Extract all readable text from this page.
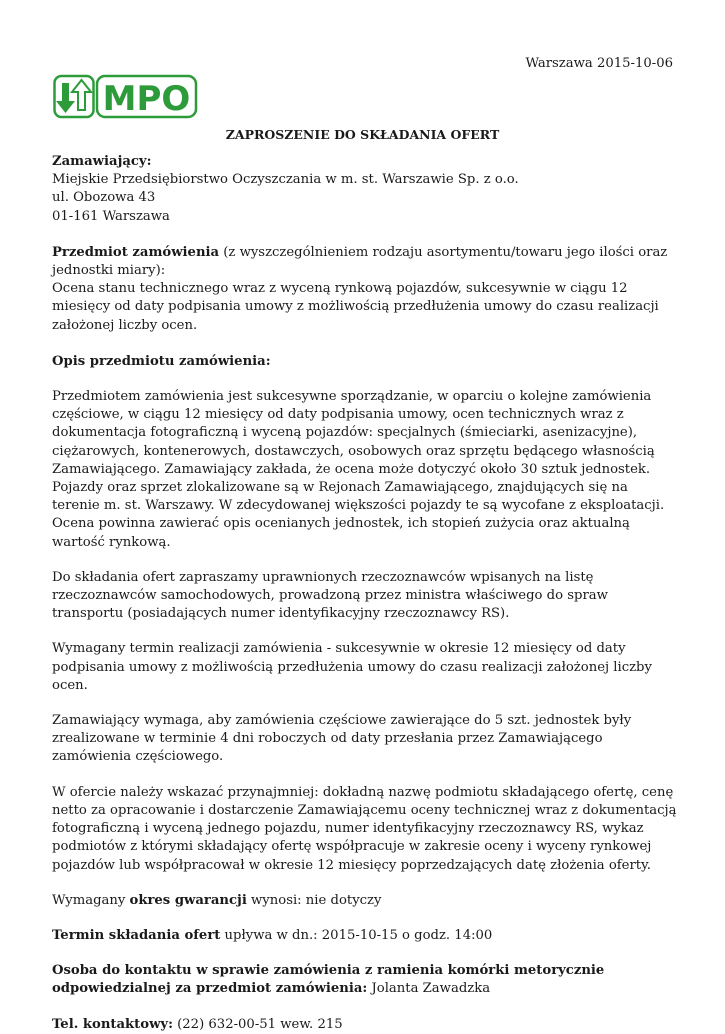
Warszawa 2015-10-06
MPO
ZAPROSZENIE DO SKŁADANIA OFERT

Zamawiający:

Miejskie Przedsiębiorstwo Oczyszczania w m. st. Warszawie Sp. z o.o.

ul. Obozowa 43

01-161 Warszawa

Przedmiot zamówienia (z wyszczególnieniem rodzaju asortymentu/towaru jego ilości oraz jednostki miary):

Ocena stanu technicznego wraz z wyceną rynkową pojazdów, sukcesywnie w ciągu 12 miesięcy od daty podpisania umowy z możliwością przedłużenia umowy do czasu realizacji założonej liczby ocen.

Opis przedmiotu zamówienia:

Przedmiotem zamówienia jest sukcesywne sporządzanie, w oparciu o kolejne zamówienia częściowe, w ciągu 12 miesięcy od daty podpisania umowy, ocen technicznych wraz z dokumentacja fotograficzną i wyceną pojazdów: specjalnych (śmieciarki, asenizacyjne), ciężarowych, kontenerowych, dostawczych, osobowych oraz sprzętu będącego własnością Zamawiającego. Zamawiający zakłada, że ocena może dotyczyć około 30 sztuk jednostek. Pojazdy oraz sprzet zlokalizowane są w Rejonach Zamawiającego, znajdujących się na terenie m. st. Warszawy. W zdecydowanej większości pojazdy te są wycofane z eksploatacji. Ocena powinna zawierać opis ocenianych jednostek, ich stopień zużycia oraz aktualną wartość rynkową.

Do składania ofert zapraszamy uprawnionych rzeczoznawców wpisanych na listę rzeczoznawców samochodowych, prowadzoną przez ministra właściwego do spraw transportu (posiadających numer identyfikacyjny rzeczoznawcy RS).

Wymagany termin realizacji zamówienia - sukcesywnie w okresie 12 miesięcy od daty podpisania umowy z możliwością przedłużenia umowy do czasu realizacji założonej liczby ocen.

Zamawiający wymaga, aby zamówienia częściowe zawierające do 5 szt. jednostek były zrealizowane w terminie 4 dni roboczych od daty przesłania przez Zamawiającego zamówienia częściowego.

W ofercie należy wskazać przynajmniej: dokładną nazwę podmiotu składającego ofertę, cenę netto za opracowanie i dostarczenie Zamawiającemu oceny technicznej wraz z dokumentacją fotograficzną i wyceną jednego pojazdu, numer identyfikacyjny rzeczoznawcy RS, wykaz podmiotów z którymi składający ofertę współpracuje w zakresie oceny i wyceny rynkowej pojazdów lub współpracował w okresie 12 miesięcy poprzedzających datę złożenia oferty.

Wymagany okres gwarancji wynosi: nie dotyczy

Termin składania ofert upływa w dn.: 2015-10-15 o godz. 14:00

Osoba do kontaktu w sprawie zamówienia z ramienia komórki metorycznie odpowiedzialnej za przedmiot zamówienia: Jolanta Zawadzka

Tel. kontaktowy: (22) 632-00-51 wew. 215
